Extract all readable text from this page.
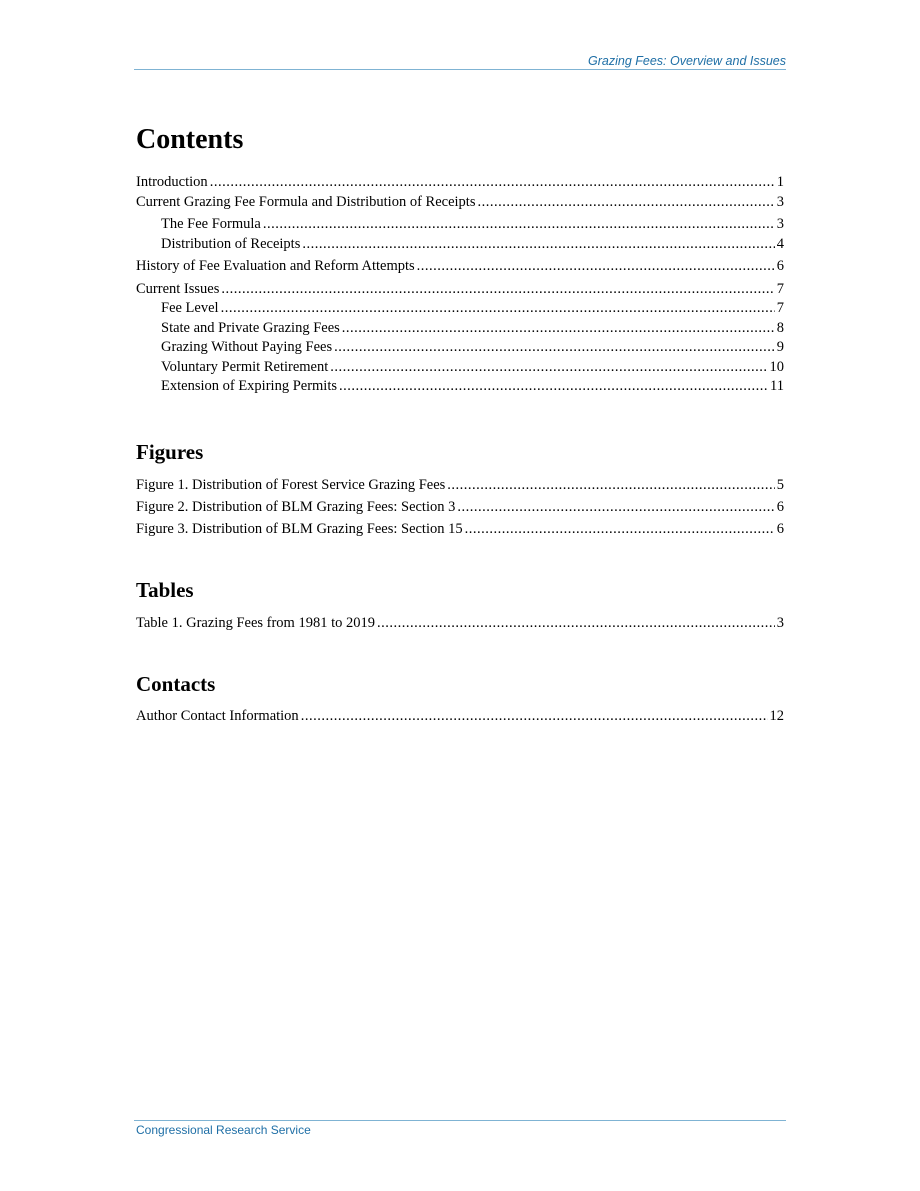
Grazing Fees: Overview and Issues
Contents
Introduction .....	1
Current Grazing Fee Formula and Distribution of Receipts .....	3
The Fee Formula .....	3
Distribution of Receipts .....	4
History of Fee Evaluation and Reform Attempts .....	6
Current Issues .....	7
Fee Level .....	7
State and Private Grazing Fees .....	8
Grazing Without Paying Fees .....	9
Voluntary Permit Retirement .....	10
Extension of Expiring Permits .....	11
Figures
Figure 1. Distribution of Forest Service Grazing Fees .....	5
Figure 2. Distribution of BLM Grazing Fees: Section 3 .....	6
Figure 3. Distribution of BLM Grazing Fees: Section 15 .....	6
Tables
Table 1. Grazing Fees from 1981 to 2019 .....	3
Contacts
Author Contact Information .....	12
Congressional Research Service
